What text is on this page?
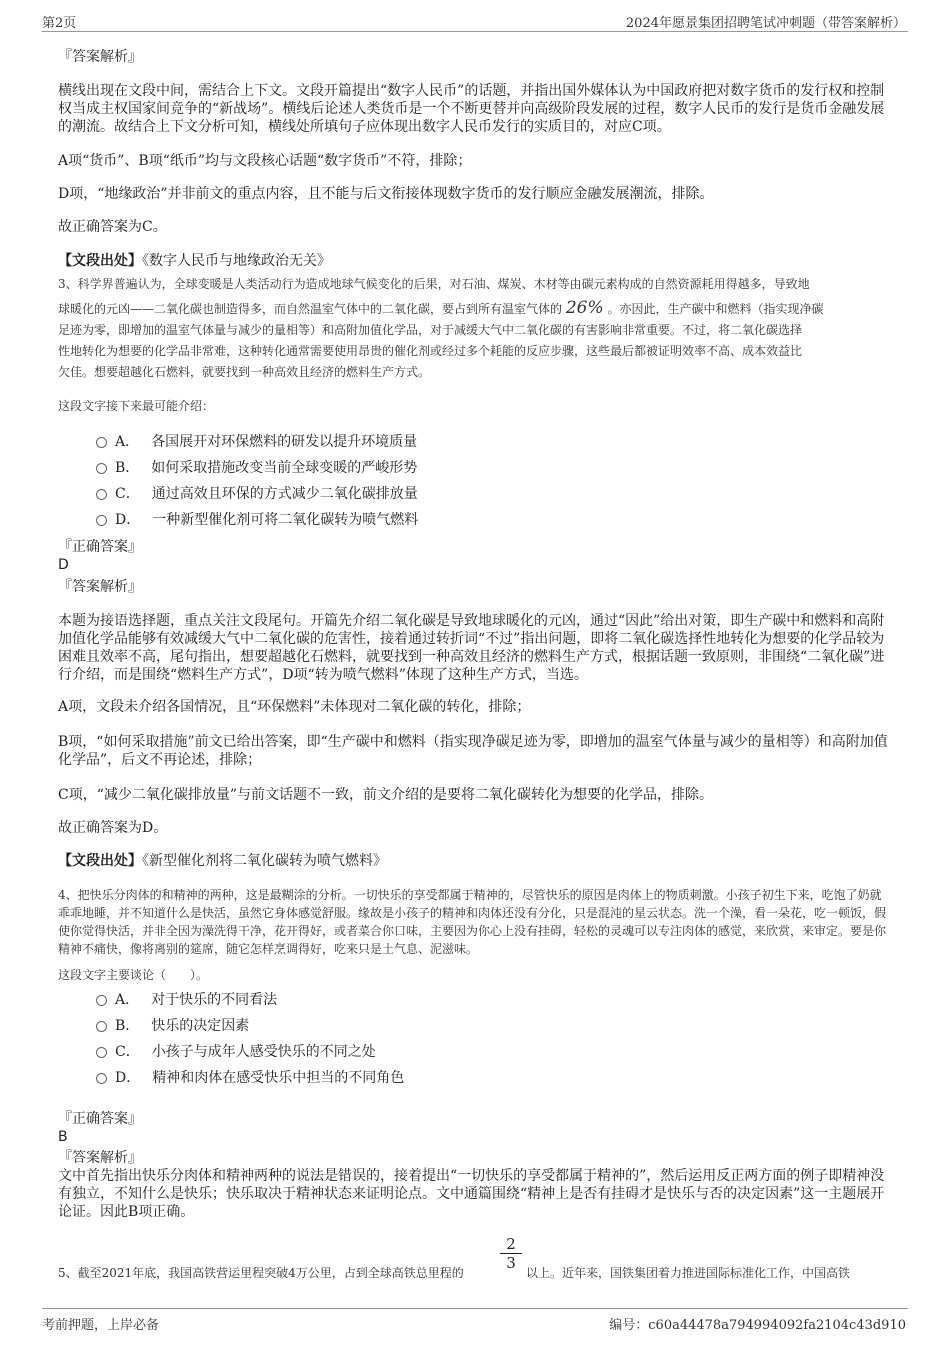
第2页	2024年愿景集团招聘笔试冲刺题（带答案解析）
『答案解析』
横线出现在文段中间，需结合上下文。文段开篇提出“数字人民币”的话题，并指出国外媒体认为中国政府把对数字货币的发行权和控制权当成主权国家间竞争的“新战场”。横线后论述人类货币是一个不断更替并向高级阶段发展的过程，数字人民币的发行是货币金融发展的潮流。故结合上下文分析可知，横线处所填句子应体现出数字人民币发行的实质目的，对应C项。
A项“货币”、B项“纸币”均与文段核心话题“数字货币”不符，排除；
D项，“地缘政治”并非前文的重点内容，且不能与后文衔接体现数字货币的发行顺应金融发展潮流，排除。
故正确答案为C。
【文段出处】《数字人民币与地缘政治无关》
3、科学界普遍认为，全球变暖是人类活动行为造成地球气候变化的后果，对石油、煤炭、木材等由碳元素构成的自然资源耗用得越多，导致地
球暖化的元凶——二氧化碳也制造得多，而自然温室气体中的二氧化碳，要占到所有温室气体的 26% 。亦因此，生产碳中和燃料（指实现净碳
足迹为零，即增加的温室气体量与减少的量相等）和高附加值化学品，对于减缓大气中二氧化碳的有害影响非常重要。不过，将二氧化碳选择
性地转化为想要的化学品非常难，这种转化通常需要使用昂贵的催化剂或经过多个耗能的反应步骤，这些最后都被证明效率不高、成本效益比
欠佳。想要超越化石燃料，就要找到一种高效且经济的燃料生产方式。
这段文字接下来最可能介绍：
A． 各国展开对环保燃料的研发以提升环境质量
B． 如何采取措施改变当前全球变暖的严峻形势
C． 通过高效且环保的方式减少二氧化碳排放量
D． 一种新型催化剂可将二氧化碳转为喷气燃料
『正确答案』
D
『答案解析』
本题为接语选择题，重点关注文段尾句。开篇先介绍二氧化碳是导致地球暖化的元凶，通过“因此”给出对策，即生产碳中和燃料和高附加值化学品能够有效减缓大气中二氧化碳的危害性，接着通过转折词“不过”指出问题，即将二氧化碳选择性地转化为想要的化学品较为困难且效率不高，尾句指出，想要超越化石燃料，就要找到一种高效且经济的燃料生产方式，根据话题一致原则，非围绕“二氧化碳”进行介绍，而是围绕“燃料生产方式”，D项“转为喷气燃料”体现了这种生产方式，当选。
A项，文段未介绍各国情况，且“环保燃料”未体现对二氧化碳的转化，排除；
B项，“如何采取措施”前文已给出答案，即“生产碳中和燃料（指实现净碳足迹为零，即增加的温室气体量与减少的量相等）和高附加值化学品”，后文不再论述，排除；
C项，“减少二氧化碳排放量”与前文话题不一致，前文介绍的是要将二氧化碳转化为想要的化学品，排除。
故正确答案为D。
【文段出处】《新型催化剂将二氧化碳转为喷气燃料》
4、把快乐分肉体的和精神的两种，这是最糊涂的分析。一切快乐的享受都属于精神的，尽管快乐的原因是肉体上的物质刺激。小孩子初生下来，吃饱了奶就乖乖地睡，并不知道什么是快活，虽然它身体感觉舒服。缘故是小孩子的精神和肉体还没有分化，只是混沌的星云状态。洗一个澡，看一朵花，吃一顿饭，假使你觉得快活，并非全因为澡洗得干净，花开得好，或者菜合你口味，主要因为你心上没有挂碍，轻松的灵魂可以专注肉体的感觉，来欣赏，来审定。要是你精神不痛快，像将离别的筵席，随它怎样烹调得好，吃来只是土气息、泥滋味。
这段文字主要谈论（　　）。
A． 对于快乐的不同看法
B． 快乐的决定因素
C． 小孩子与成年人感受快乐的不同之处
D． 精神和肉体在感受快乐中担当的不同角色
『正确答案』
B
『答案解析』
文中首先指出快乐分肉体和精神两种的说法是错误的，接着提出“一切快乐的享受都属于精神的”，然后运用反正两方面的例子即精神没有独立，不知什么是快乐；快乐取决于精神状态来证明论点。文中通篇围绕“精神上是否有挂碍才是快乐与否的决定因素”这一主题展开论证。因此B项正确。
5、截至2021年底，我国高铁营运里程突破4万公里，占到全球高铁总里程的
2
3
以上。近年来，国铁集团着力推进国际标准化工作，中国高铁
考前押题，上岸必备	编号：c60a44478a794994092fa2104c43d910
